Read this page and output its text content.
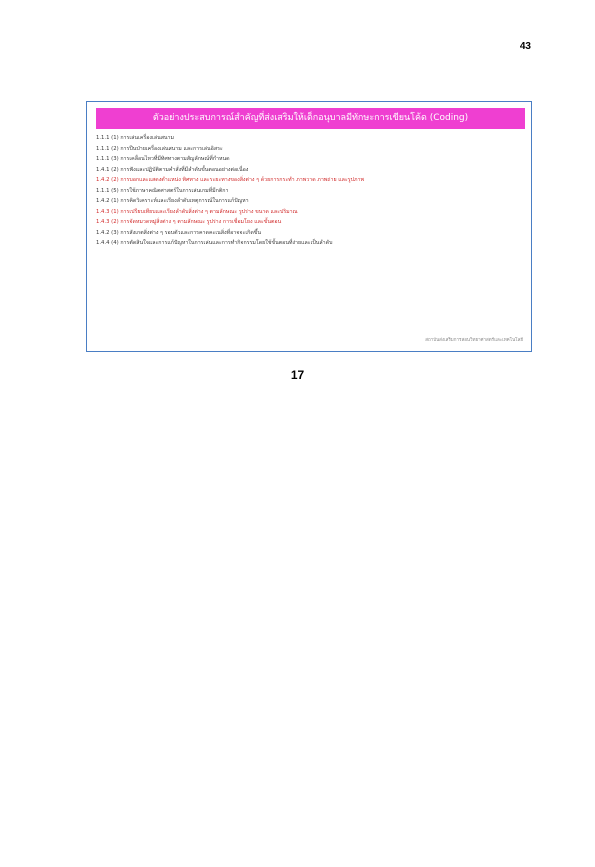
43
ตัวอย่างประสบการณ์สำคัญที่ส่งเสริมให้เด็กอนุบาลมีทักษะการเขียนโค้ด (Coding)
1.1.1 (1) การเล่นเครื่องเล่นสนาม
1.1.1 (2) การปีนป่ายเครื่องเล่นสนาม และการเล่นอิสระ
1.1.1 (3) การเคลื่อนไหวที่มีทิศทางตามสัญลักษณ์ที่กำหนด
1.4.1 (2) การฟังและปฏิบัติตามคำสั่งที่มีลำดับขั้นตอนอย่างต่อเนื่อง
1.4.2 (2) การบอกและแสดงตำแหน่ง ทิศทาง และระยะทางของสิ่งต่าง ๆ ด้วยการกระทำ ภาพวาด ภาพถ่าย และรูปภาพ
1.1.1 (5) การใช้ภาษาคณิตศาสตร์ในการเล่นเกมที่มีกติกา
1.4.2 (1) การคิดวิเคราะห์และเรียงลำดับเหตุการณ์ในการแก้ปัญหา
1.4.3 (1) การเปรียบเทียบและเรียงลำดับสิ่งต่าง ๆ ตามลักษณะ รูปร่าง ขนาด และปริมาณ
1.4.3 (2) การจัดหมวดหมู่สิ่งต่าง ๆ ตามลักษณะ รูปร่าง การเชื่อมโยง และขั้นตอน
1.4.2 (3) การสังเกตสิ่งต่าง ๆ รอบตัวและการคาดคะเนสิ่งที่อาจจะเกิดขึ้น
1.4.4 (4) การตัดสินใจและการแก้ปัญหาในการเล่นและการทำกิจกรรมโดยใช้ขั้นตอนที่ง่ายและเป็นลำดับ
สถาบันส่งเสริมการสอนวิทยาศาสตร์และเทคโนโลยี
17
